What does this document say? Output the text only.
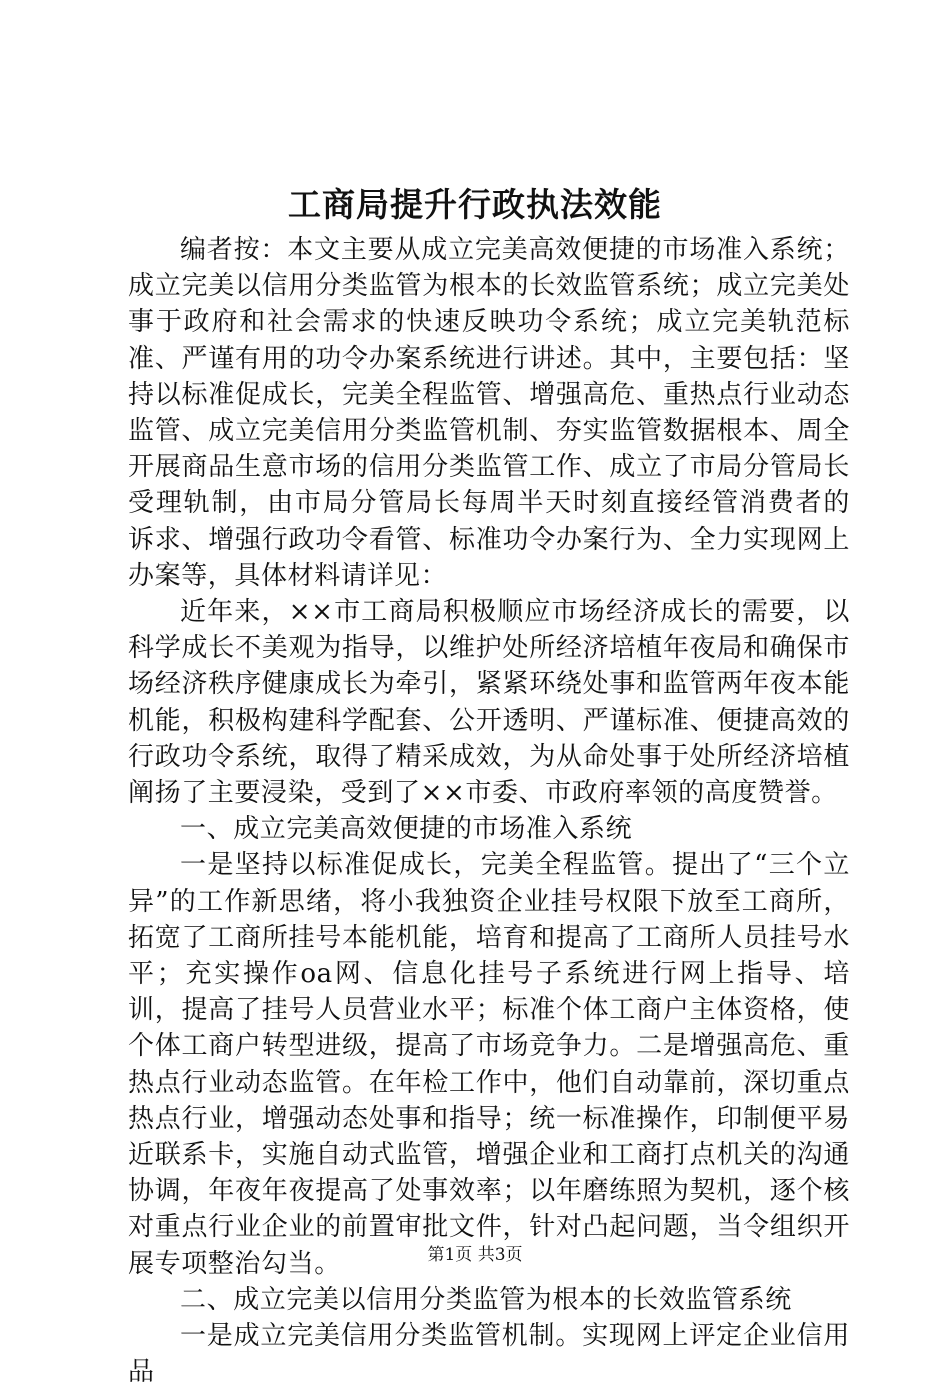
工商局提升行政执法效能

编者按：本文主要从成立完美高效便捷的市场准入系统；成立完美以信用分类监管为根本的长效监管系统；成立完美处事于政府和社会需求的快速反映功令系统；成立完美轨范标准、严谨有用的功令办案系统进行讲述。其中，主要包括：坚持以标准促成长，完美全程监管、增强高危、重热点行业动态监管、成立完美信用分类监管机制、夯实监管数据根本、周全开展商品生意市场的信用分类监管工作、成立了市局分管局长受理轨制，由市局分管局长每周半天时刻直接经管消费者的　诉求、增强行政功令看管、标准功令办案行为、全力实现网上办案等，具体材料请详见：

近年来，××市工商局积极顺应市场经济成长的需要，以科学成长不美观为指导，以维护处所经济培植年夜局和确保市场经济秩序健康成长为牵引，紧紧环绕处事和监管两年夜本能机能，积极构建科学配套、公开透明、严谨标准、便捷高效的行政功令系统，取得了精采成效，为从命处事于处所经济培植阐扬了主要浸染，受到了××市委、市政府率领的高度赞誉。

一、成立完美高效便捷的市场准入系统

一是坚持以标准促成长，完美全程监管。提出了“三个立异”的工作新思绪，将小我独资企业挂号权限下放至工商所，拓宽了工商所挂号本能机能，培育和提高了工商所人员挂号水平；充实操作oa网、信息化挂号子系统进行网上指导、培训，提高了挂号人员营业水平；标准个体工商户主体资格，使个体工商户转型进级，提高了市场竞争力。二是增强高危、重热点行业动态监管。在年检工作中，他们自动靠前，深切重点热点行业，增强动态处事和指导；统一标准操作，印制便平易近联系卡，实施自动式监管，增强企业和工商打点机关的沟通协调，年夜年夜提高了处事效率；以年磨练照为契机，逐个核对重点行业企业的前置审批文件，针对凸起问题，当令组织开展专项整治勾当。

二、成立完美以信用分类监管为根本的长效监管系统

一是成立完美信用分类监管机制。实现网上评定企业信用品

第1页 共3页
